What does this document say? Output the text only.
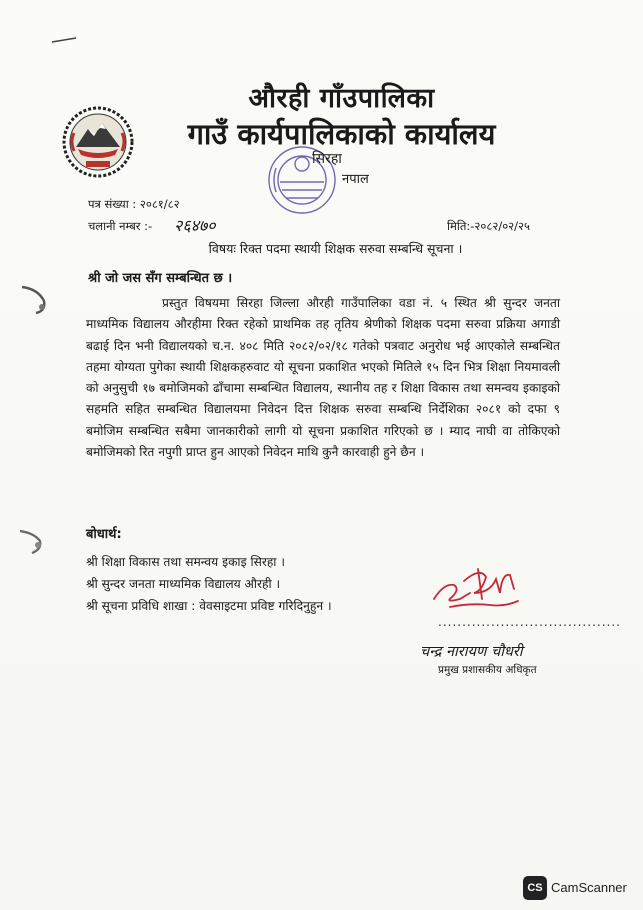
औरही गाँउपालिका
गाउँ कार्यपालिकाको कार्यालय
सिरहा
नपाल
पत्र संख्या : २०८१/८२
चलानी नम्बर :- २६४७०	मिति:-२०८२/०२/२५
विषयः रिक्त पदमा स्थायी शिक्षक सरुवा सम्बन्धि सूचना ।
श्री जो जस सँग सम्बन्धित छ ।

प्रस्तुत विषयमा सिरहा जिल्ला औरही गाउँपालिका वडा नं. ५ स्थित श्री सुन्दर जनता माध्यमिक विद्यालय औरहीमा रिक्त रहेको प्राथमिक तह तृतिय श्रेणीको शिक्षक पदमा सरुवा प्रक्रिया अगाडी बढाई दिन भनी विद्यालयको च.न. ४०८ मिति २०८२/०२/१८ गतेको पत्रवाट अनुरोध भई आएकोले सम्बन्धित तहमा योग्यता पुगेका स्थायी शिक्षकहरुवाट यो सूचना प्रकाशित भएको मितिले १५ दिन भित्र शिक्षा नियमावली को अनुसुची १७ बमोजिमको ढाँचामा सम्बन्धित विद्यालय, स्थानीय तह र शिक्षा विकास तथा समन्वय इकाइको सहमति सहित सम्बन्धित विद्यालयमा निवेदन दित्त शिक्षक सरुवा सम्बन्धि निर्देशिका २०८१ को दफा ९ बमोजिम सम्बन्धित सबैमा जानकारीको लागी यो सूचना प्रकाशित गरिएको छ । म्याद नाघी वा तोकिएको बमोजिमको रित नपुगी प्राप्त हुन आएको निवेदन माथि कुनै कारवाही हुने छैन ।

बोधार्थ:
श्री शिक्षा विकास तथा समन्वय इकाइ सिरहा ।
श्री सुन्दर जनता माध्यमिक विद्यालय औरही ।
श्री सूचना प्रविधि शाखा : वेवसाइटमा प्रविष्ट गरिदिनुहुन ।
......................................
चन्द्र नारायण चौधरी
प्रमुख प्रशासकीय अधिकृत
CS CamScanner
